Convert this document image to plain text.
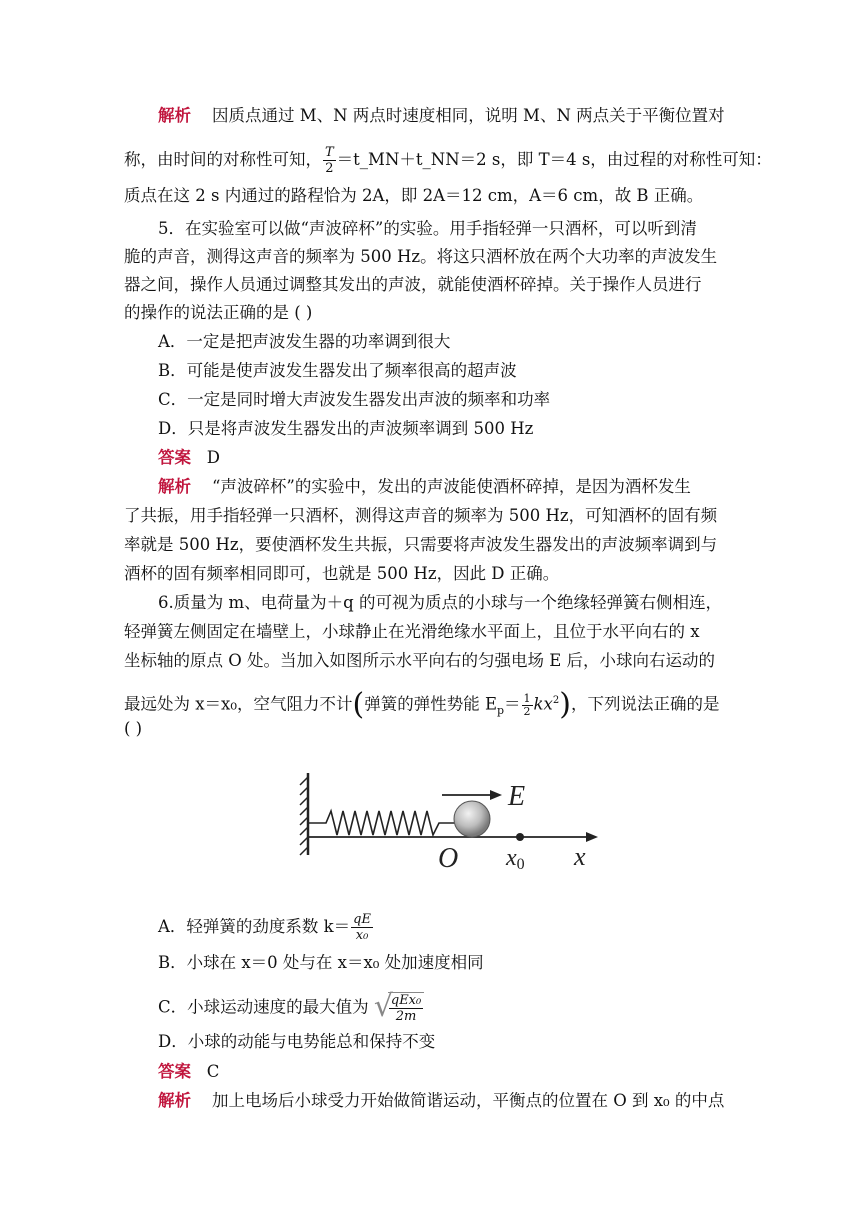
解析 因质点通过 M、N 两点时速度相同，说明 M、N 两点关于平衡位置对
称，由时间的对称性可知， $\frac{T}{2}$ ＝t_MN＋t_NN＝2 s，即 T＝4 s，由过程的对称性可知：
质点在这 2 s 内通过的路程恰为 2A，即 2A＝12 cm，A＝6 cm，故 B 正确。
5．在实验室可以做“声波碎杯”的实验。用手指轻弹一只酒杯，可以听到清
脆的声音，测得这声音的频率为 500 Hz。将这只酒杯放在两个大功率的声波发生
器之间，操作人员通过调整其发出的声波，就能使酒杯碎掉。关于操作人员进行
的操作的说法正确的是 ( )
A．一定是把声波发生器的功率调到很大
B．可能是使声波发生器发出了频率很高的超声波
C．一定是同时增大声波发生器发出声波的频率和功率
D．只是将声波发生器发出的声波频率调到 500 Hz
答案 D
解析 “声波碎杯”的实验中，发出的声波能使酒杯碎掉，是因为酒杯发生
了共振，用手指轻弹一只酒杯，测得这声音的频率为 500 Hz，可知酒杯的固有频
率就是 500 Hz，要使酒杯发生共振，只需要将声波发生器发出的声波频率调到与
酒杯的固有频率相同即可，也就是 500 Hz，因此 D 正确。
6.质量为 m、电荷量为＋q 的可视为质点的小球与一个绝缘轻弹簧右侧相连，
轻弹簧左侧固定在墙壁上，小球静止在光滑绝缘水平面上，且位于水平向右的 x
坐标轴的原点 O 处。当加入如图所示水平向右的匀强电场 E 后，小球向右运动的
最远处为 x＝x₀，空气阻力不计(弹簧的弹性势能 $E_p= \frac{1}{2} kx^2$)，下列说法正确的是
( )
E
O x0 x
A．轻弹簧的劲度系数 $k= \frac{qE}{\text{x₀}}$
B．小球在 x＝0 处与在 x＝x₀ 处加速度相同
C．小球运动速度的最大值为 √
$\frac{\text{qEx₀}}{2m}$
D．小球的动能与电势能总和保持不变
答案 C
解析 加上电场后小球受力开始做简谐运动，平衡点的位置在 O 到 x₀ 的中点
